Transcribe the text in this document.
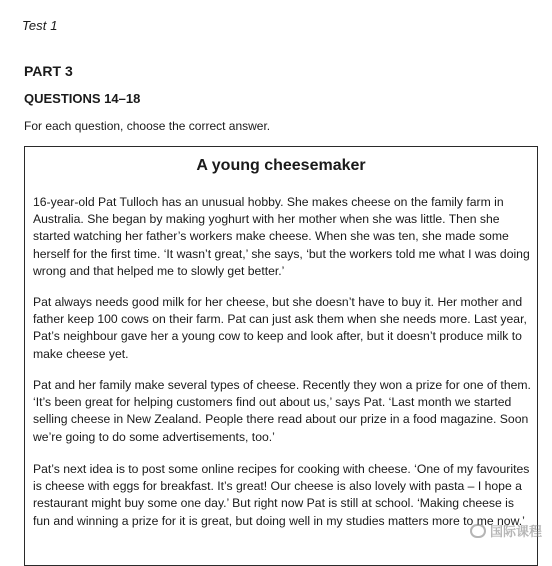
Test 1
PART 3
QUESTIONS 14–18
For each question, choose the correct answer.
A young cheesemaker
16-year-old Pat Tulloch has an unusual hobby. She makes cheese on the family farm in
Australia. She began by making yoghurt with her mother when she was little. Then she
started watching her father’s workers make cheese. When she was ten, she made some
herself for the first time. ‘It wasn’t great,’ she says, ‘but the workers told me what I was doing
wrong and that helped me to slowly get better.’
Pat always needs good milk for her cheese, but she doesn’t have to buy it. Her mother and
father keep 100 cows on their farm. Pat can just ask them when she needs more. Last year,
Pat’s neighbour gave her a young cow to keep and look after, but it doesn’t produce milk to
make cheese yet.
Pat and her family make several types of cheese. Recently they won a prize for one of them.
‘It’s been great for helping customers find out about us,’ says Pat. ‘Last month we started
selling cheese in New Zealand. People there read about our prize in a food magazine. Soon
we’re going to do some advertisements, too.’
Pat’s next idea is to post some online recipes for cooking with cheese. ‘One of my favourites
is cheese with eggs for breakfast. It’s great! Our cheese is also lovely with pasta – I hope a
restaurant might buy some one day.’ But right now Pat is still at school. ‘Making cheese is
fun and winning a prize for it is great, but doing well in my studies matters more to me now.’
国际课程
